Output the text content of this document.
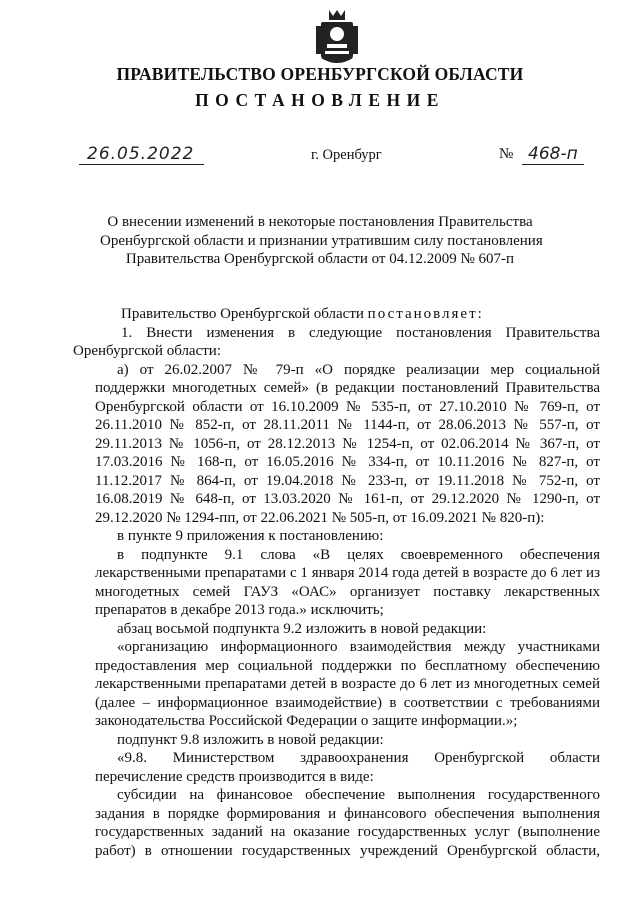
ПРАВИТЕЛЬСТВО ОРЕНБУРГСКОЙ ОБЛАСТИ
ПОСТАНОВЛЕНИЕ
26.05.2022	г. Оренбург	№ 468-п
О внесении изменений в некоторые постановления Правительства
Оренбургской области и признании утратившим силу постановления
Правительства Оренбургской области от 04.12.2009 № 607-п
Правительство Оренбургской области постановляет:
1. Внести изменения в следующие постановления Правительства
Оренбургской области:
а) от 26.02.2007 № 79-п «О порядке реализации мер социальной
поддержки многодетных семей» (в редакции постановлений Правительства
Оренбургской области от 16.10.2009 № 535-п, от 27.10.2010 № 769-п, от
26.11.2010 № 852-п, от 28.11.2011 № 1144-п, от 28.06.2013 № 557-п, от
29.11.2013 № 1056-п, от 28.12.2013 № 1254-п, от 02.06.2014 № 367-п, от
17.03.2016 № 168-п, от 16.05.2016 № 334-п, от 10.11.2016 № 827-п, от
11.12.2017 № 864-п, от 19.04.2018 № 233-п, от 19.11.2018 № 752-п, от
16.08.2019 № 648-п, от 13.03.2020 № 161-п, от 29.12.2020 № 1290-п, от
29.12.2020 № 1294-пп, от 22.06.2021 № 505-п, от 16.09.2021 № 820-п):
в пункте 9 приложения к постановлению:
в подпункте 9.1 слова «В целях своевременного обеспечения
лекарственными препаратами с 1 января 2014 года детей в возрасте до 6 лет из
многодетных семей ГАУЗ «ОАС» организует поставку лекарственных
препаратов в декабре 2013 года.» исключить;
абзац восьмой подпункта 9.2 изложить в новой редакции:
«организацию информационного взаимодействия между участниками
предоставления мер социальной поддержки по бесплатному обеспечению
лекарственными препаратами детей в возрасте до 6 лет из многодетных семей
(далее – информационное взаимодействие) в соответствии с требованиями
законодательства Российской Федерации о защите информации.»;
подпункт 9.8 изложить в новой редакции:
«9.8. Министерством здравоохранения Оренбургской области
перечисление средств производится в виде:
субсидии на финансовое обеспечение выполнения государственного
задания в порядке формирования и финансового обеспечения выполнения
государственных заданий на оказание государственных услуг (выполнение
работ) в отношении государственных учреждений Оренбургской области,
